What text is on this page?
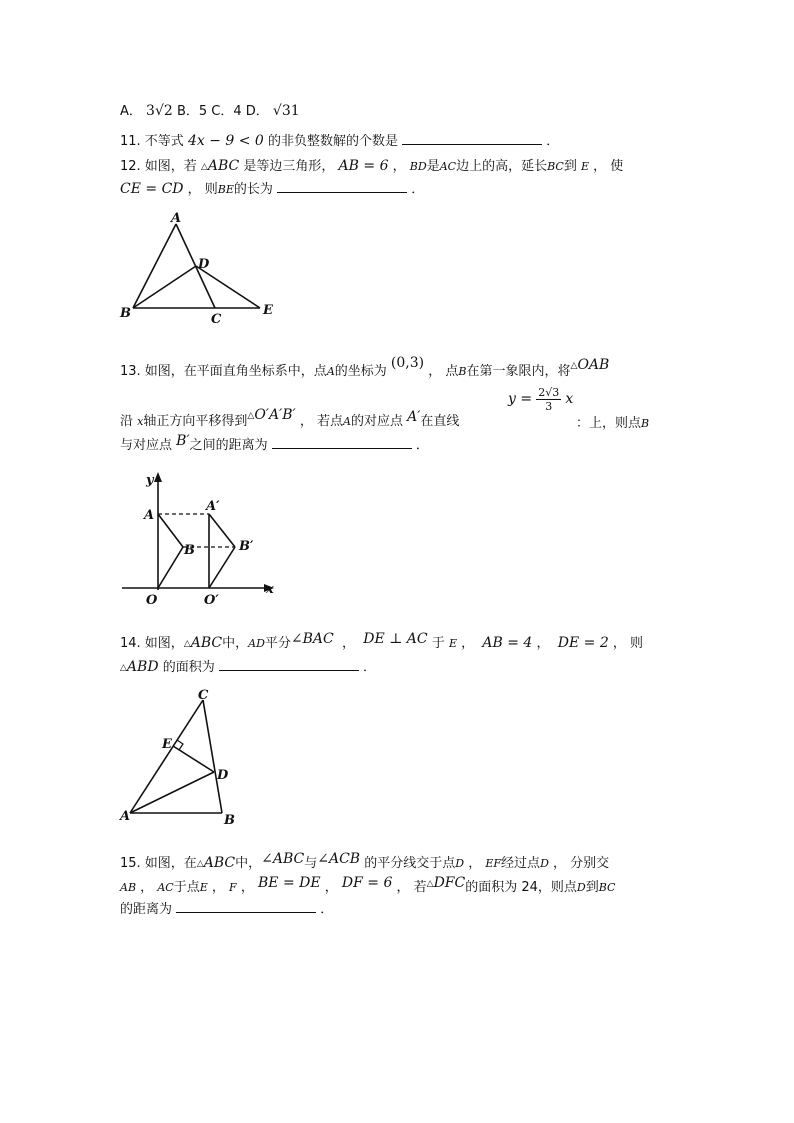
A． 3√2 B．5 C．4 D． √31
11. 不等式 4x − 9 < 0 的非负整数解的个数是	．
12. 如图，若 △ABC 是等边三角形， AB = 6 ， BD是AC边上的高，延长BC到 E ， 使
CE = CD ， 则BE的长为	．
A
B	C
D
E
13. 如图，在平面直角坐标系中，点A的坐标为 (0,3) ， 点B在第一象限内，将△OAB
沿 x轴正方向平移得到△O′A′B′ ， 若点A的对应点 A′在直线
$y = \frac{2√3}{3}$ x
：上，则点B
与对应点 B′之间的距离为	．
y
x
A
A′
B	B′
O	O′
14. 如图，△ABC中，AD平分∠BAC ， DE ⊥ AC 于 E ， AB = 4 ， DE = 2 ， 则
△ABD 的面积为	．
C
E
D
A	B
15. 如图，在△ABC中，∠ABC与∠ACB 的平分线交于点D ， EF经过点D ， 分别交
AB ， AC于点E ， F ， BE = DE ， DF = 6 ， 若△DFC的面积为 24，则点D到BC
的距离为	．
